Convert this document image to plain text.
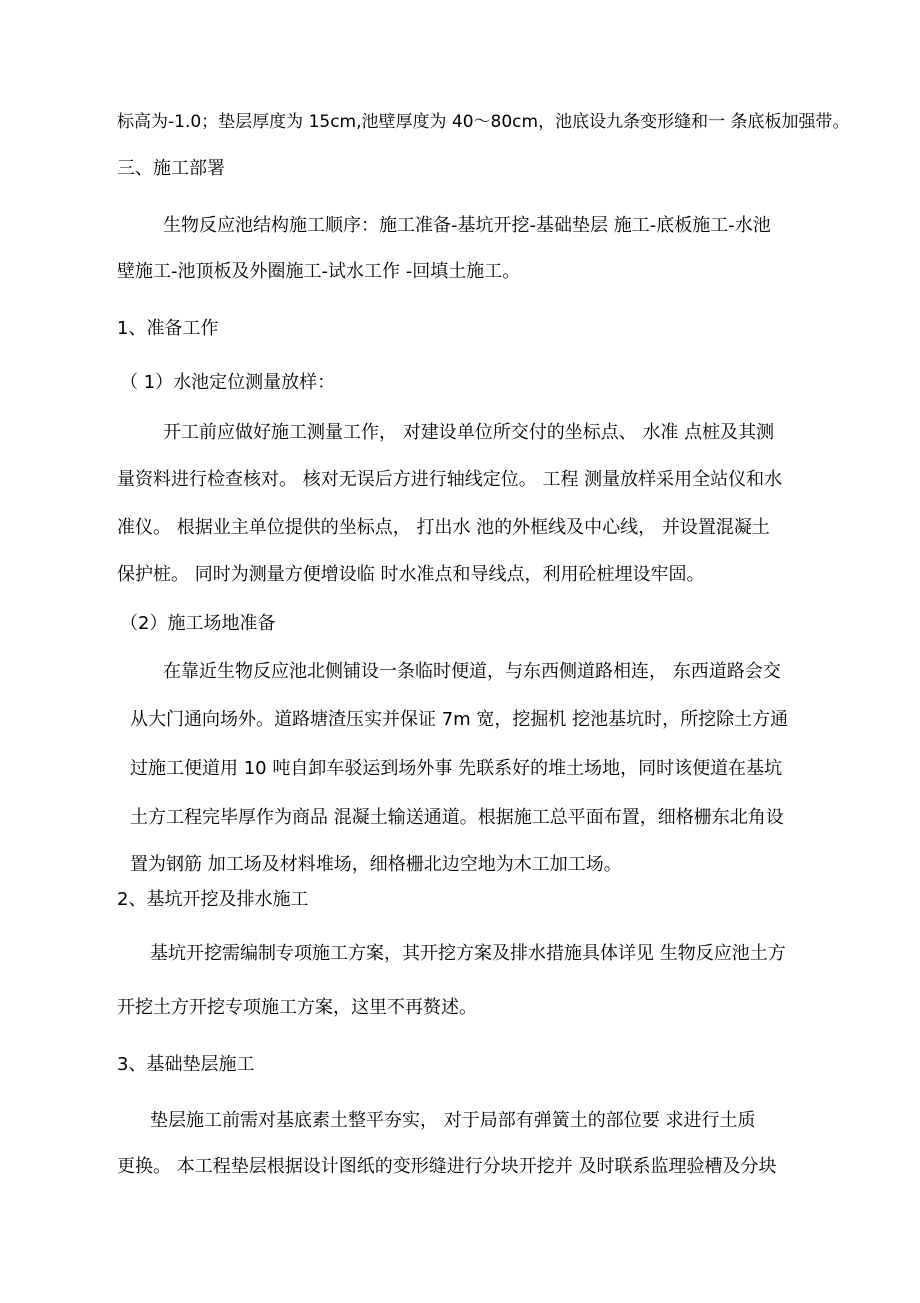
标高为-1.0；垫层厚度为 15cm,池壁厚度为 40～80cm，池底设九条变形缝和一 条底板加强带。
三、施工部署
生物反应池结构施工顺序：施工准备-基坑开挖-基础垫层 施工-底板施工-水池
壁施工-池顶板及外圈施工-试水工作 -回填土施工。
1、准备工作
（ 1）水池定位测量放样：
开工前应做好施工测量工作， 对建设单位所交付的坐标点、 水准 点桩及其测
量资料进行检查核对。 核对无误后方进行轴线定位。 工程 测量放样采用全站仪和水
准仪。 根据业主单位提供的坐标点， 打出水 池的外框线及中心线， 并设置混凝土
保护桩。 同时为测量方便增设临 时水准点和导线点，利用砼桩埋设牢固。
（2）施工场地准备
在靠近生物反应池北侧铺设一条临时便道，与东西侧道路相连， 东西道路会交
从大门通向场外。道路塘渣压实并保证 7m 宽，挖掘机 挖池基坑时，所挖除土方通
过施工便道用 10 吨自卸车驳运到场外事 先联系好的堆土场地，同时该便道在基坑
土方工程完毕厚作为商品 混凝土输送通道。根据施工总平面布置，细格栅东北角设
置为钢筋 加工场及材料堆场，细格栅北边空地为木工加工场。
2、基坑开挖及排水施工
基坑开挖需编制专项施工方案，其开挖方案及排水措施具体详见 生物反应池土方
开挖土方开挖专项施工方案，这里不再赘述。
3、基础垫层施工
垫层施工前需对基底素土整平夯实， 对于局部有弹簧土的部位要 求进行土质
更换。 本工程垫层根据设计图纸的变形缝进行分块开挖并 及时联系监理验槽及分块
